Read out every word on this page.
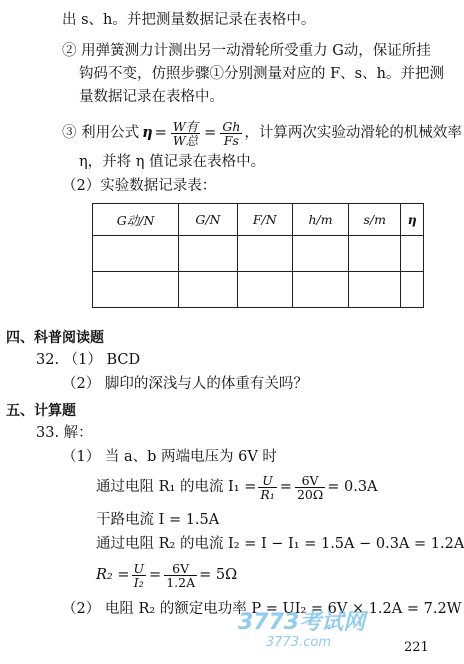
出 s、h。并把测量数据记录在表格中。
② 用弹簧测力计测出另一动滑轮所受重力 G动，保证所挂
钩码不变，仿照步骤①分别测量对应的 F、s、h。并把测
量数据记录在表格中。
③ 利用公式 $\eta = \frac{\text{W有}}{\text{W总}} = \frac{Gh}{Fs}$ ，计算两次实验动滑轮的机械效率
η，并将 η 值记录在表格中。
（2）实验数据记录表：
G动/N	G/N	F/N	h/m	s/m	η

四、科普阅读题
32. （1） BCD
（2） 脚印的深浅与人的体重有关吗？
五、计算题
33. 解：
（1） 当 a、b 两端电压为 6V 时
通过电阻 R₁ 的电流 $I_1 = \frac{U}{\text{R₁}} = \frac{6V}{20\Omega} = 0.3A$
干路电流 I = 1.5A
通过电阻 R₂ 的电流 I₂ = I − I₁ = 1.5A − 0.3A = 1.2A
$R_2 = \frac{U}{\text{I₂}} = \frac{6V}{1.2A} = 5\Omega$
（2） 电阻 R₂ 的额定电功率 P = UI₂ = 6V × 1.2A = 7.2W
3773考试网
3773.com	221
